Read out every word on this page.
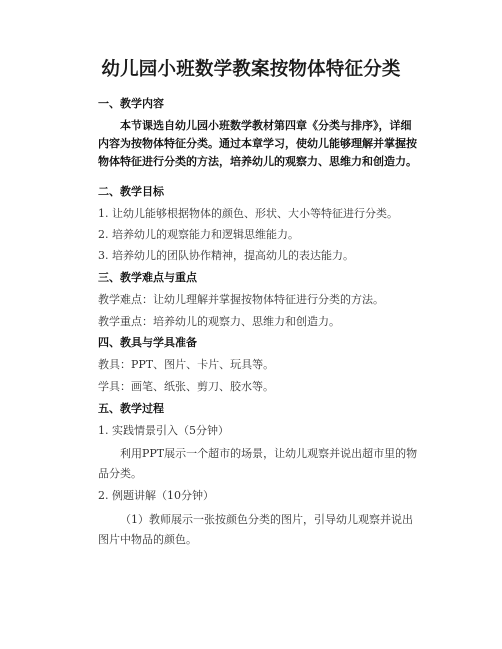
幼儿园小班数学教案按物体特征分类
一、教学内容
本节课选自幼儿园小班数学教材第四章《分类与排序》，详细内容为按物体特征分类。通过本章学习，使幼儿能够理解并掌握按物体特征进行分类的方法，培养幼儿的观察力、思维力和创造力。
二、教学目标
1. 让幼儿能够根据物体的颜色、形状、大小等特征进行分类。
2. 培养幼儿的观察能力和逻辑思维能力。
3. 培养幼儿的团队协作精神，提高幼儿的表达能力。
三、教学难点与重点
教学难点：让幼儿理解并掌握按物体特征进行分类的方法。
教学重点：培养幼儿的观察力、思维力和创造力。
四、教具与学具准备
教具：PPT、图片、卡片、玩具等。
学具：画笔、纸张、剪刀、胶水等。
五、教学过程
1. 实践情景引入（5分钟）
利用PPT展示一个超市的场景，让幼儿观察并说出超市里的物品分类。
2. 例题讲解（10分钟）
（1）教师展示一张按颜色分类的图片，引导幼儿观察并说出图片中物品的颜色。
